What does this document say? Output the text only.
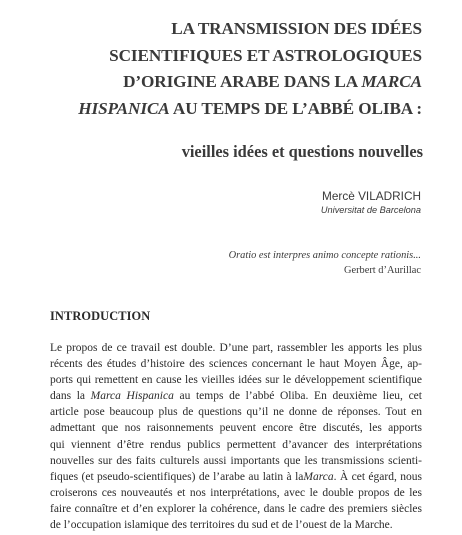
LA TRANSMISSION DES IDÉES
SCIENTIFIQUES ET ASTROLOGIQUES
D’ORIGINE ARABE DANS LA MARCA
HISPANICA AU TEMPS DE L’ABBÉ OLIBA :
vieilles idées et questions nouvelles
Mercè VILADRICH
Universitat de Barcelona
Oratio est interpres animo concepte rationis...
Gerbert d’Aurillac
INTRODUCTION
Le propos de ce travail est double. D’une part, rassembler les apports les plus
récents des études d’histoire des sciences concernant le haut Moyen Âge, ap-
ports qui remettent en cause les vieilles idées sur le développement scientifique
dans la Marca Hispanica au temps de l’abbé Oliba. En deuxième lieu, cet
article pose beaucoup plus de questions qu’il ne donne de réponses. Tout en
admettant que nos raisonnements peuvent encore être discutés, les apports
qui viennent d’être rendus publics permettent d’avancer des interprétations
nouvelles sur des faits culturels aussi importants que les transmissions scienti-
fiques (et pseudo-scientifiques) de l’arabe au latin à laMarca. À cet égard, nous
croiserons ces nouveautés et nos interprétations, avec le double propos de les
faire connaître et d’en explorer la cohérence, dans le cadre des premiers siècles
de l’occupation islamique des territoires du sud et de l’ouest de la Marche.
